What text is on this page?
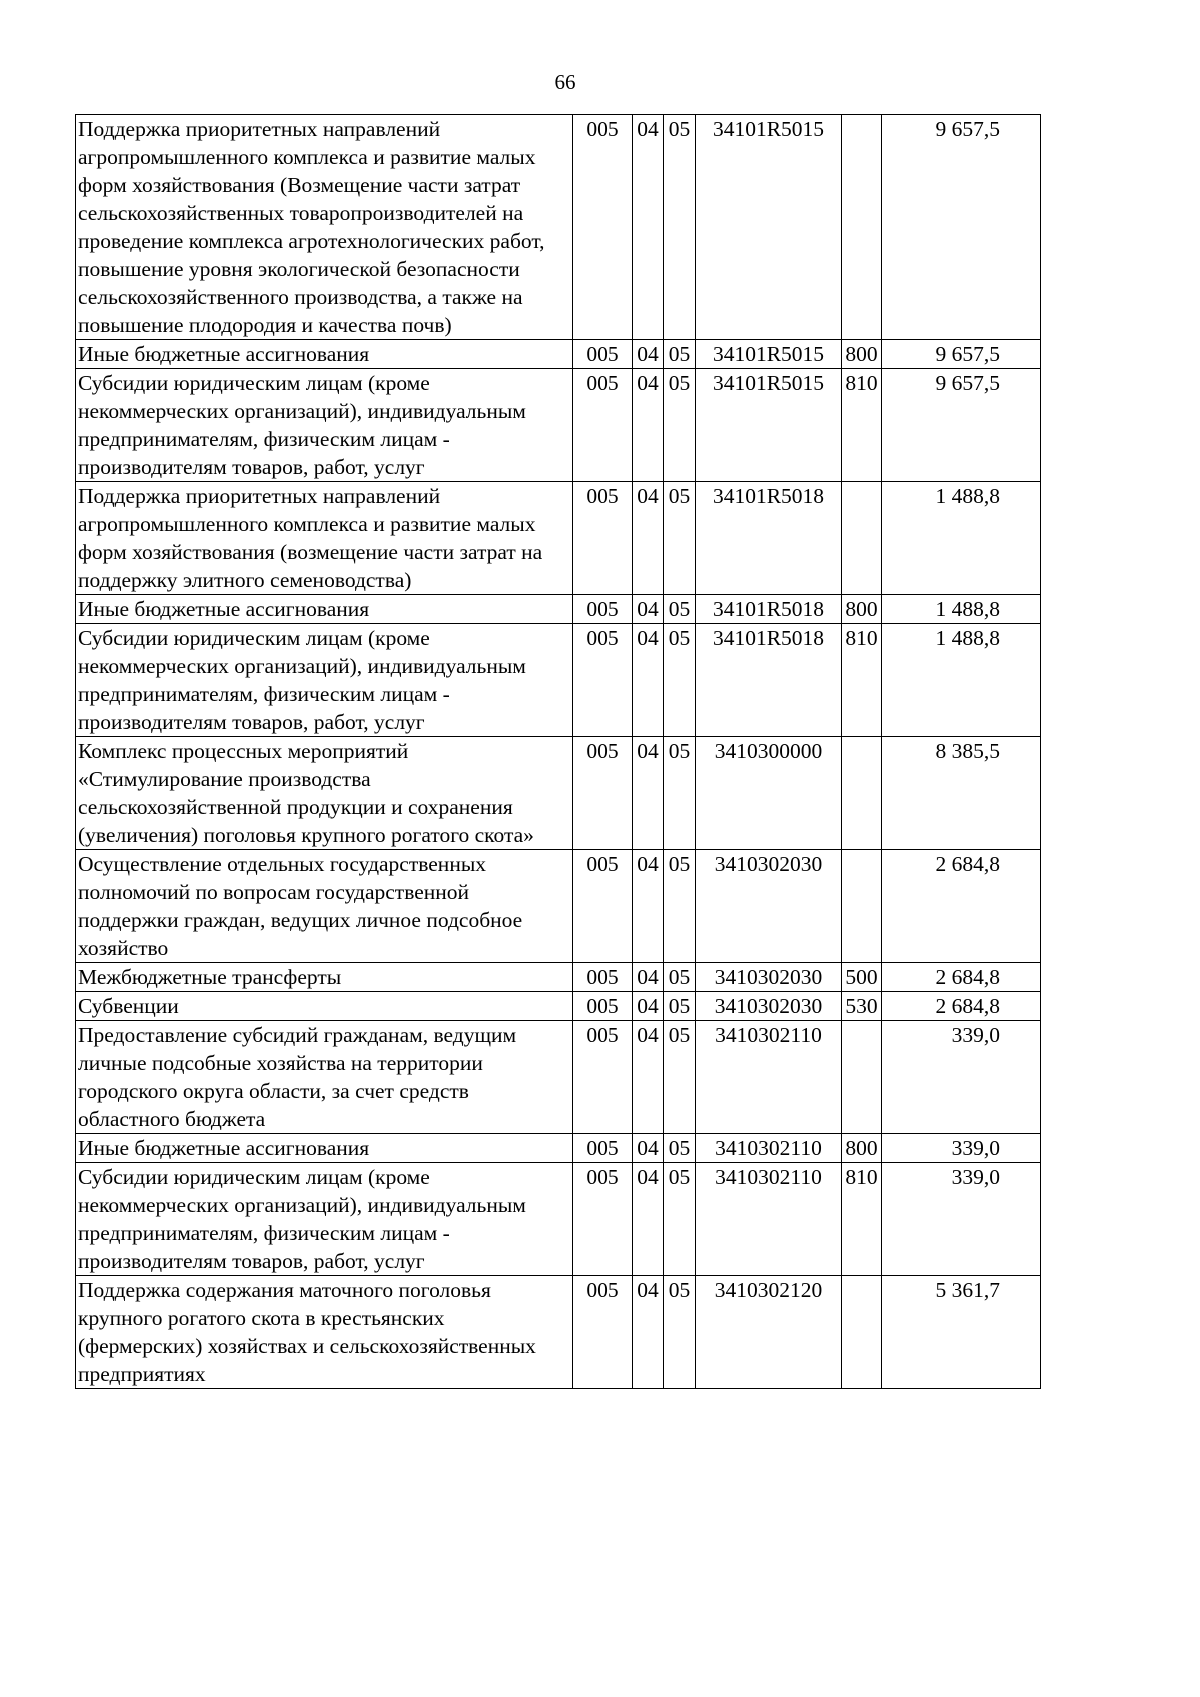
66
Поддержка приоритетных направлений агропромышленного комплекса и развитие малых форм хозяйствования (Возмещение части затрат сельскохозяйственных товаропроизводителей на проведение комплекса агротехнологических работ, повышение уровня экологической безопасности сельскохозяйственного производства, а также на повышение плодородия и качества почв)	005	04	05	34101R5015		9 657,5
Иные бюджетные ассигнования	005	04	05	34101R5015	800	9 657,5
Субсидии юридическим лицам (кроме некоммерческих организаций), индивидуальным предпринимателям, физическим лицам - производителям товаров, работ, услуг	005	04	05	34101R5015	810	9 657,5
Поддержка приоритетных направлений агропромышленного комплекса и развитие малых форм хозяйствования (возмещение части затрат на поддержку элитного семеноводства)	005	04	05	34101R5018		1 488,8
Иные бюджетные ассигнования	005	04	05	34101R5018	800	1 488,8
Субсидии юридическим лицам (кроме некоммерческих организаций), индивидуальным предпринимателям, физическим лицам - производителям товаров, работ, услуг	005	04	05	34101R5018	810	1 488,8
Комплекс процессных мероприятий «Стимулирование производства сельскохозяйственной продукции и сохранения (увеличения) поголовья крупного рогатого скота»	005	04	05	3410300000		8 385,5
Осуществление отдельных государственных полномочий по вопросам государственной поддержки граждан, ведущих личное подсобное хозяйство	005	04	05	3410302030		2 684,8
Межбюджетные трансферты	005	04	05	3410302030	500	2 684,8
Субвенции	005	04	05	3410302030	530	2 684,8
Предоставление субсидий гражданам, ведущим личные подсобные хозяйства на территории городского округа области, за счет средств областного бюджета	005	04	05	3410302110		339,0
Иные бюджетные ассигнования	005	04	05	3410302110	800	339,0
Субсидии юридическим лицам (кроме некоммерческих организаций), индивидуальным предпринимателям, физическим лицам - производителям товаров, работ, услуг	005	04	05	3410302110	810	339,0
Поддержка содержания маточного поголовья крупного рогатого скота в крестьянских (фермерских) хозяйствах и сельскохозяйственных предприятиях	005	04	05	3410302120		5 361,7
